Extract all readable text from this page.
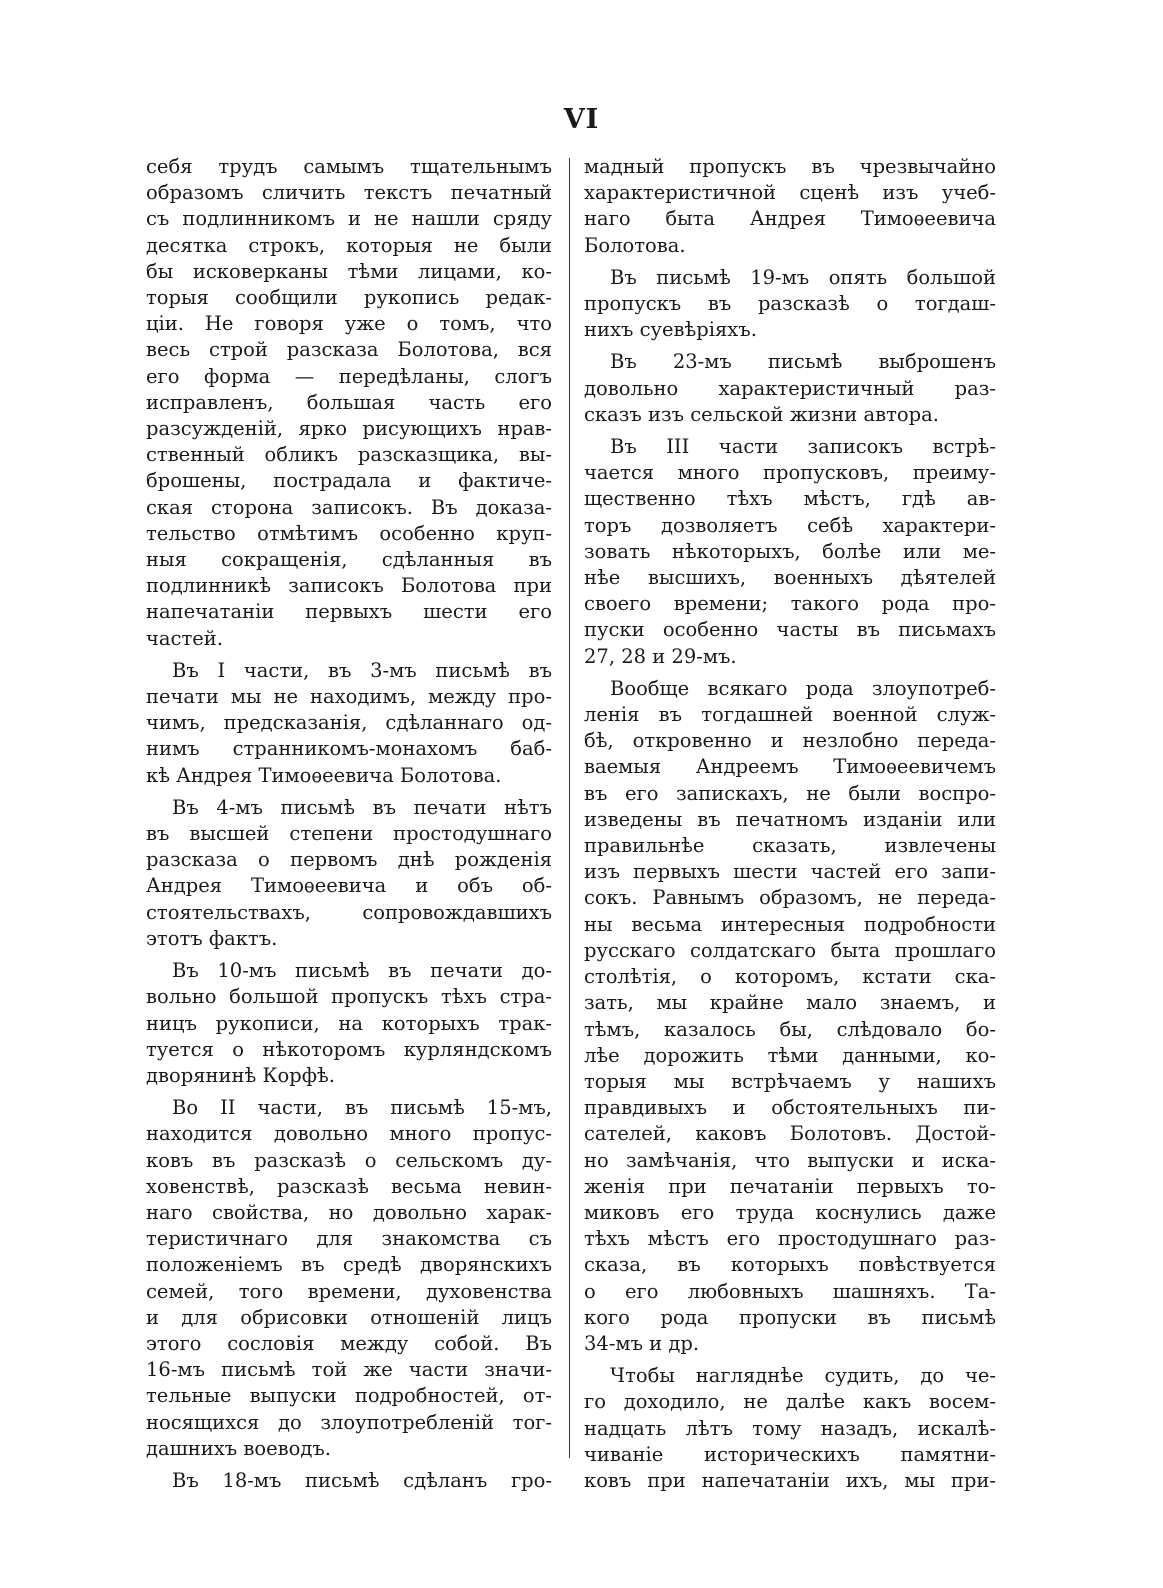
VI
себя трудъ самымъ тщательнымъ
образомъ сличить текстъ печатный
съ подлинникомъ и не нашли сряду
десятка строкъ, которыя не были
бы исковерканы тѣми лицами, ко-
торыя сообщили рукопись редак-
ціи. Не говоря уже о томъ, что
весь строй разсказа Болотова, вся
его форма — передѣланы, слогъ
исправленъ, большая часть его
разсужденій, ярко рисующихъ нрав-
ственный обликъ разсказщика, вы-
брошены, пострадала и фактиче-
ская сторона записокъ. Въ доказа-
тельство отмѣтимъ особенно круп-
ныя сокращенія, сдѣланныя въ
подлинникѣ записокъ Болотова при
напечатаніи первыхъ шести его
частей.
Въ I части, въ 3-мъ письмѣ въ
печати мы не находимъ, между про-
чимъ, предсказанія, сдѣланнаго од-
нимъ странникомъ-монахомъ баб-
кѣ Андрея Тимоѳеевича Болотова.
Въ 4-мъ письмѣ въ печати нѣтъ
въ высшей степени простодушнаго
разсказа о первомъ днѣ рожденія
Андрея Тимоѳеевича и объ об-
стоятельствахъ, сопровождавшихъ
этотъ фактъ.
Въ 10-мъ письмѣ въ печати до-
вольно большой пропускъ тѣхъ стра-
ницъ рукописи, на которыхъ трак-
туется о нѣкоторомъ курляндскомъ
дворянинѣ Корфѣ.
Во II части, въ письмѣ 15-мъ,
находится довольно много пропус-
ковъ въ разсказѣ о сельскомъ ду-
ховенствѣ, разсказѣ весьма невин-
наго свойства, но довольно харак-
теристичнаго для знакомства съ
положеніемъ въ средѣ дворянскихъ
семей, того времени, духовенства
и для обрисовки отношеній лицъ
этого сословія между собой. Въ
16-мъ письмѣ той же части значи-
тельные выпуски подробностей, от-
носящихся до злоупотребленій тог-
дашнихъ воеводъ.
Въ 18-мъ письмѣ сдѣланъ гро-
мадный пропускъ въ чрезвычайно
характеристичной сценѣ изъ учеб-
наго быта Андрея Тимоѳеевича
Болотова.
Въ письмѣ 19-мъ опять большой
пропускъ въ разсказѣ о тогдаш-
нихъ суевѣріяхъ.
Въ 23-мъ письмѣ выброшенъ
довольно характеристичный раз-
сказъ изъ сельской жизни автора.
Въ III части записокъ встрѣ-
чается много пропусковъ, преиму-
щественно тѣхъ мѣстъ, гдѣ ав-
торъ дозволяетъ себѣ характери-
зовать нѣкоторыхъ, болѣе или ме-
нѣе высшихъ, военныхъ дѣятелей
своего времени; такого рода про-
пуски особенно часты въ письмахъ
27, 28 и 29-мъ.
Вообще всякаго рода злоупотреб-
ленія въ тогдашней военной служ-
бѣ, откровенно и незлобно переда-
ваемыя Андреемъ Тимоѳеевичемъ
въ его запискахъ, не были воспро-
изведены въ печатномъ изданіи или
правильнѣе сказать, извлечены
изъ первыхъ шести частей его запи-
сокъ. Равнымъ образомъ, не переда-
ны весьма интересныя подробности
русскаго солдатскаго быта прошлаго
столѣтія, о которомъ, кстати ска-
зать, мы крайне мало знаемъ, и
тѣмъ, казалось бы, слѣдовало бо-
лѣе дорожить тѣми данными, ко-
торыя мы встрѣчаемъ у нашихъ
правдивыхъ и обстоятельныхъ пи-
сателей, каковъ Болотовъ. Достой-
но замѣчанія, что выпуски и иска-
женія при печатаніи первыхъ то-
миковъ его труда коснулись даже
тѣхъ мѣстъ его простодушнаго раз-
сказа, въ которыхъ повѣствуется
о его любовныхъ шашняхъ. Та-
кого рода пропуски въ письмѣ
34-мъ и др.
Чтобы нагляднѣе судить, до че-
го доходило, не далѣе какъ восем-
надцать лѣтъ тому назадъ, искалѣ-
чиваніе историческихъ памятни-
ковъ при напечатаніи ихъ, мы при-
